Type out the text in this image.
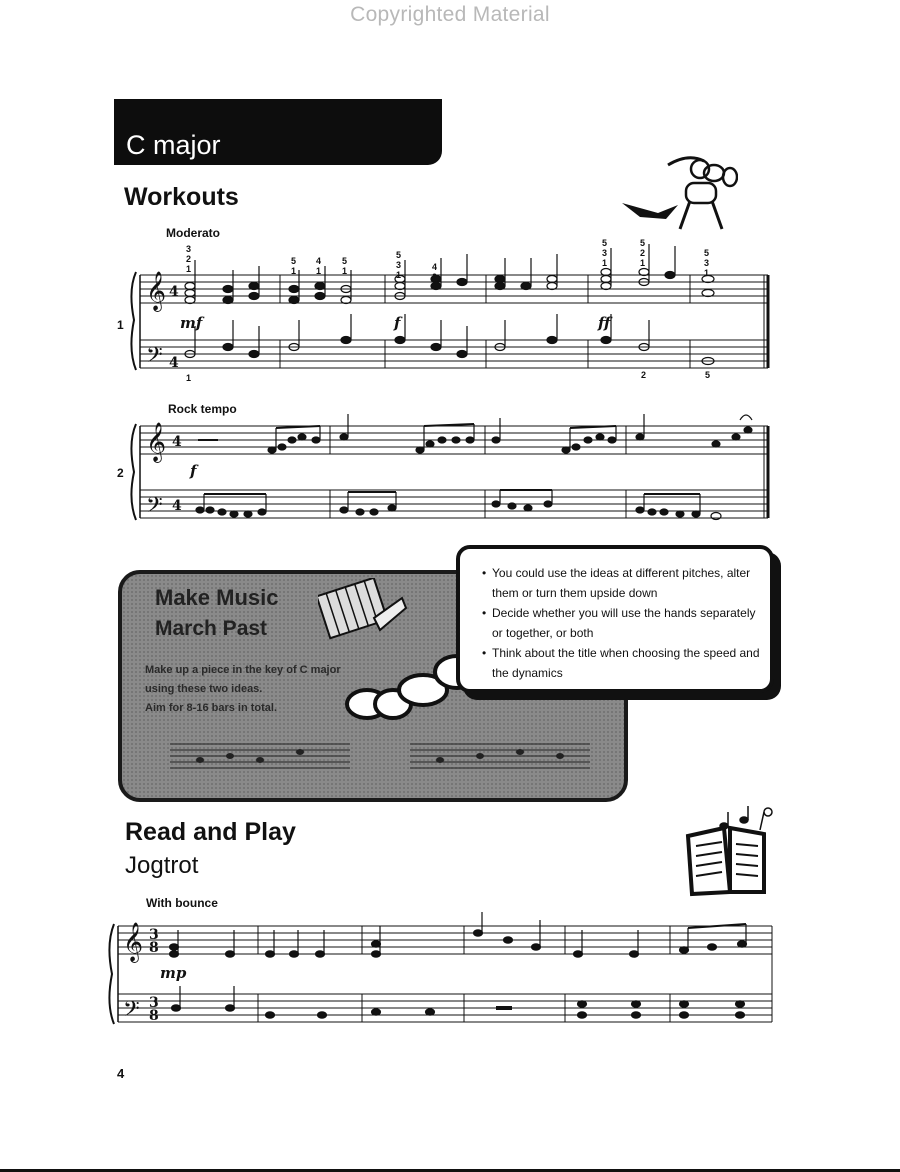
Copyrighted Material
C major
Workouts
Moderato
1	mf	f	ff
𝄞
𝄢
𝄞
𝄢
𝄞
𝄢
4
4
4
4
3
8
3
8
3
2
1
5
1
4
1
5
1
5
3
1
4
2
5
3
1
5
2
1
5
3
1
1	2	5
Rock tempo
2	f
Make Music
March Past
Make up a piece in the key of C major
using these two ideas.
Aim for 8-16 bars in total.
• You could use the ideas at different pitches, alter them or turn them upside down
• Decide whether you will use the hands separately or together, or both
• Think about the title when choosing the speed and the dynamics
Read and Play
Jogtrot
With bounce
mp
4
